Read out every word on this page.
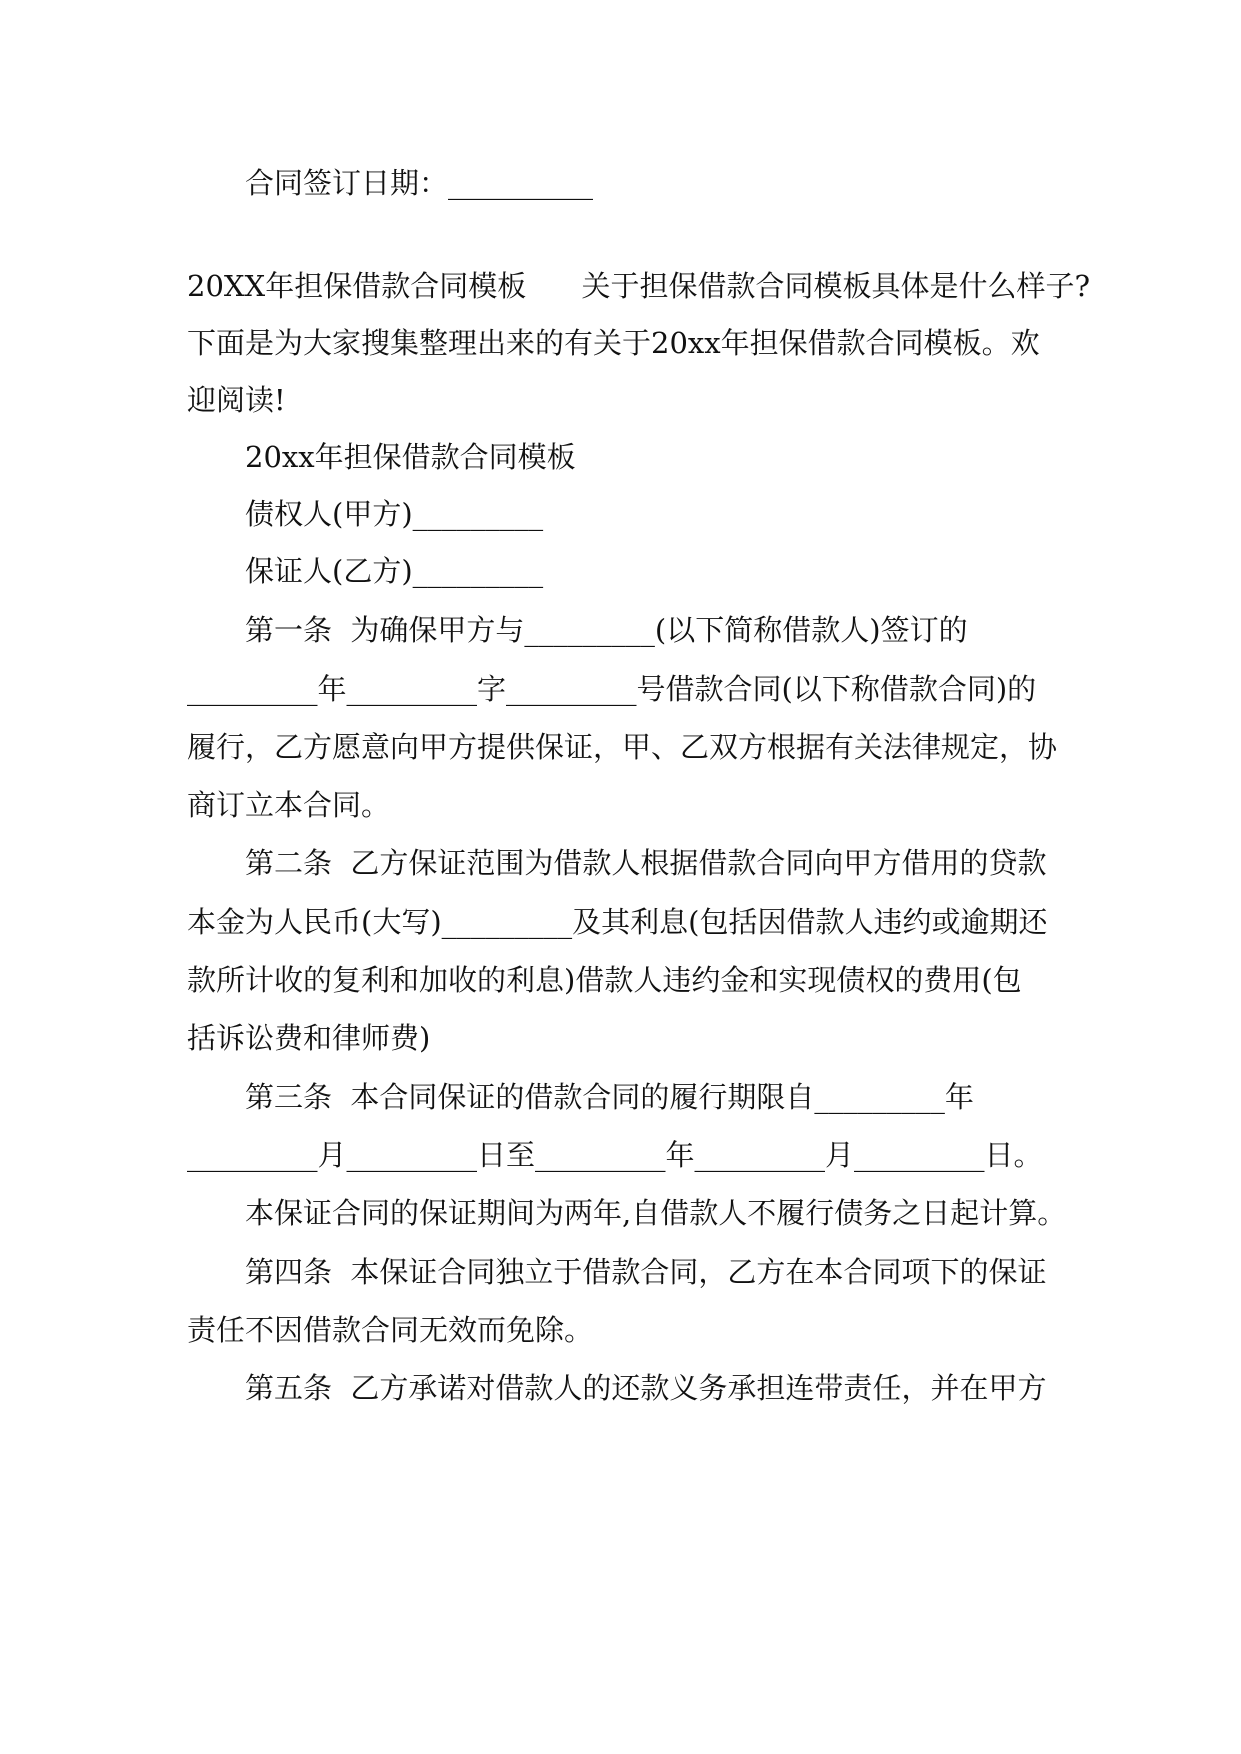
合同签订日期：__________
20XX年担保借款合同模板      关于担保借款合同模板具体是什么样子?
下面是为大家搜集整理出来的有关于20xx年担保借款合同模板。欢
迎阅读!
20xx年担保借款合同模板
债权人(甲方)_________
保证人(乙方)_________
第一条  为确保甲方与_________(以下简称借款人)签订的
_________年_________字_________号借款合同(以下称借款合同)的
履行，乙方愿意向甲方提供保证，甲、乙双方根据有关法律规定，协
商订立本合同。
第二条  乙方保证范围为借款人根据借款合同向甲方借用的贷款
本金为人民币(大写)_________及其利息(包括因借款人违约或逾期还
款所计收的复利和加收的利息)借款人违约金和实现债权的费用(包
括诉讼费和律师费)
第三条  本合同保证的借款合同的履行期限自_________年
_________月_________日至_________年_________月_________日。
本保证合同的保证期间为两年,自借款人不履行债务之日起计算。
第四条  本保证合同独立于借款合同，乙方在本合同项下的保证
责任不因借款合同无效而免除。
第五条  乙方承诺对借款人的还款义务承担连带责任，并在甲方
